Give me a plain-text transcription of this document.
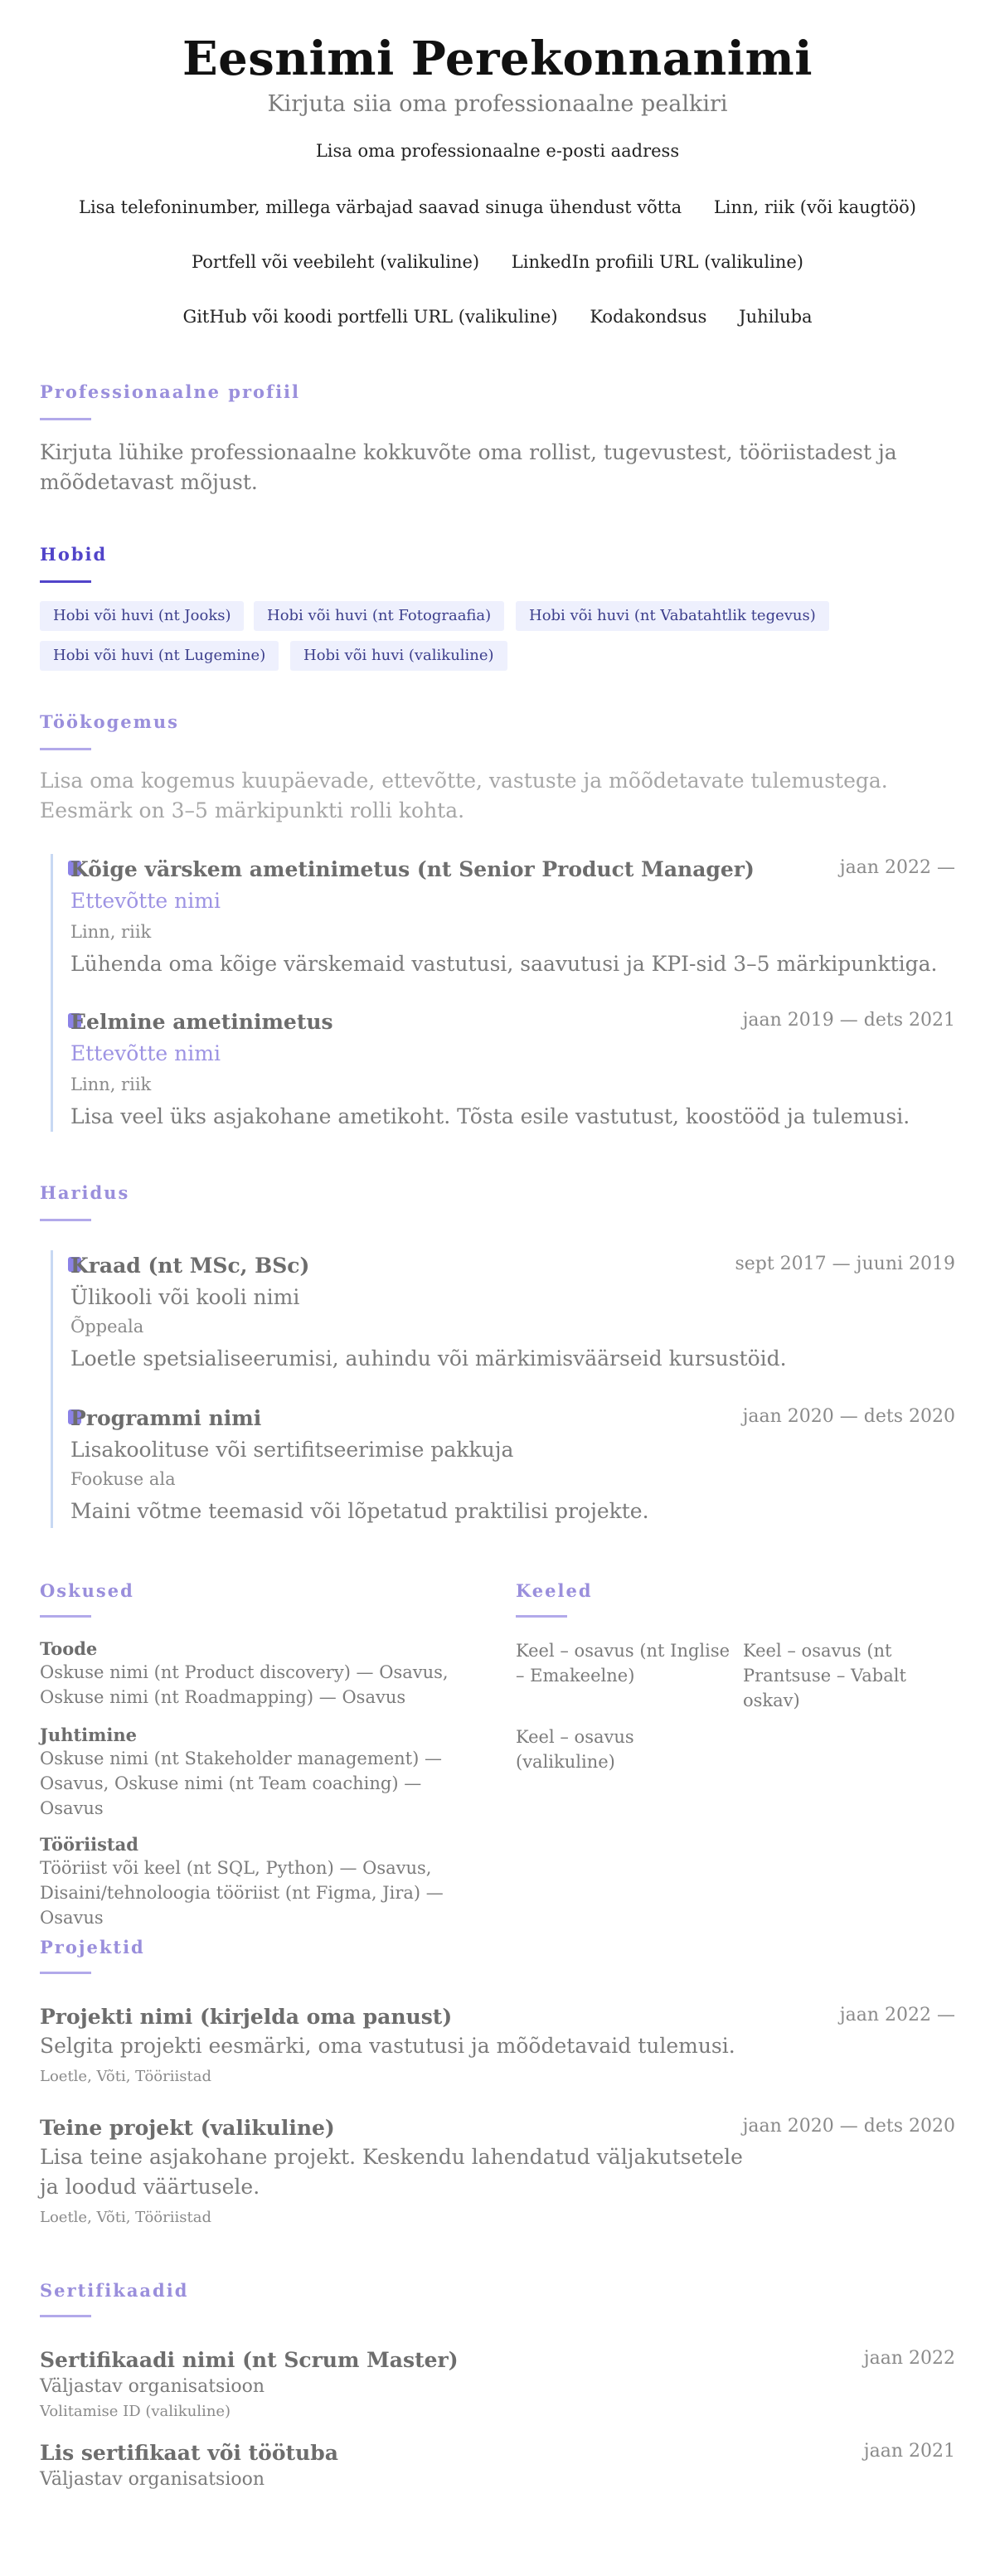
Eesnimi Perekonnanimi
Kirjuta siia oma professionaalne pealkiri
Lisa oma professionaalne e-posti aadress
Lisa telefoninumber, millega värbajad saavad sinuga ühendust võtta Linn, riik (või kaugtöö)
Portfell või veebileht (valikuline) LinkedIn profiili URL (valikuline)
GitHub või koodi portfelli URL (valikuline) Kodakondsus Juhiluba
Professionaalne profiil
Kirjuta lühike professionaalne kokkuvõte oma rollist, tugevustest, tööriistadest ja mõõdetavast mõjust.
Hobid
Hobi või huvi (nt Jooks)	Hobi või huvi (nt Fotograafia)	Hobi või huvi (nt Vabatahtlik tegevus)
Hobi või huvi (nt Lugemine)	Hobi või huvi (valikuline)
Töökogemus
Lisa oma kogemus kuupäevade, ettevõtte, vastuste ja mõõdetavate tulemustega. Eesmärk on 3–5 märkipunkti rolli kohta.
Kõige värskem ametinimetus (nt Senior Product Manager)	jaan 2022 —
Ettevõtte nimi
Linn, riik
Lühenda oma kõige värskemaid vastutusi, saavutusi ja KPI-sid 3–5 märkipunktiga.
Eelmine ametinimetus	jaan 2019 — dets 2021
Ettevõtte nimi
Linn, riik
Lisa veel üks asjakohane ametikoht. Tõsta esile vastutust, koostööd ja tulemusi.
Haridus
Kraad (nt MSc, BSc)	sept 2017 — juuni 2019
Ülikooli või kooli nimi
Õppeala
Loetle spetsialiseerumisi, auhindu või märkimisväärseid kursustöid.
Programmi nimi	jaan 2020 — dets 2020
Lisakoolituse või sertifitseerimise pakkuja
Fookuse ala
Maini võtme teemasid või lõpetatud praktilisi projekte.
Oskused
Toode
Oskuse nimi (nt Product discovery) — Osavus, Oskuse nimi (nt Roadmapping) — Osavus
Juhtimine
Oskuse nimi (nt Stakeholder management) — Osavus, Oskuse nimi (nt Team coaching) — Osavus
Tööriistad
Tööriist või keel (nt SQL, Python) — Osavus, Disaini/tehnoloogia tööriist (nt Figma, Jira) — Osavus
Keeled
Keel – osavus (nt Inglise – Emakeelne)
Keel – osavus (nt Prantsuse – Vabalt oskav)
Keel – osavus (valikuline)
Projektid
Projekti nimi (kirjelda oma panust)	jaan 2022 —
Selgita projekti eesmärki, oma vastutusi ja mõõdetavaid tulemusi.
Loetle, Võti, Tööriistad
Teine projekt (valikuline)	jaan 2020 — dets 2020
Lisa teine asjakohane projekt. Keskendu lahendatud väljakutsetele ja loodud väärtusele.
Loetle, Võti, Tööriistad
Sertifikaadid
Sertifikaadi nimi (nt Scrum Master)	jaan 2022
Väljastav organisatsioon
Volitamise ID (valikuline)
Lis sertifikaat või töötuba	jaan 2021
Väljastav organisatsioon
